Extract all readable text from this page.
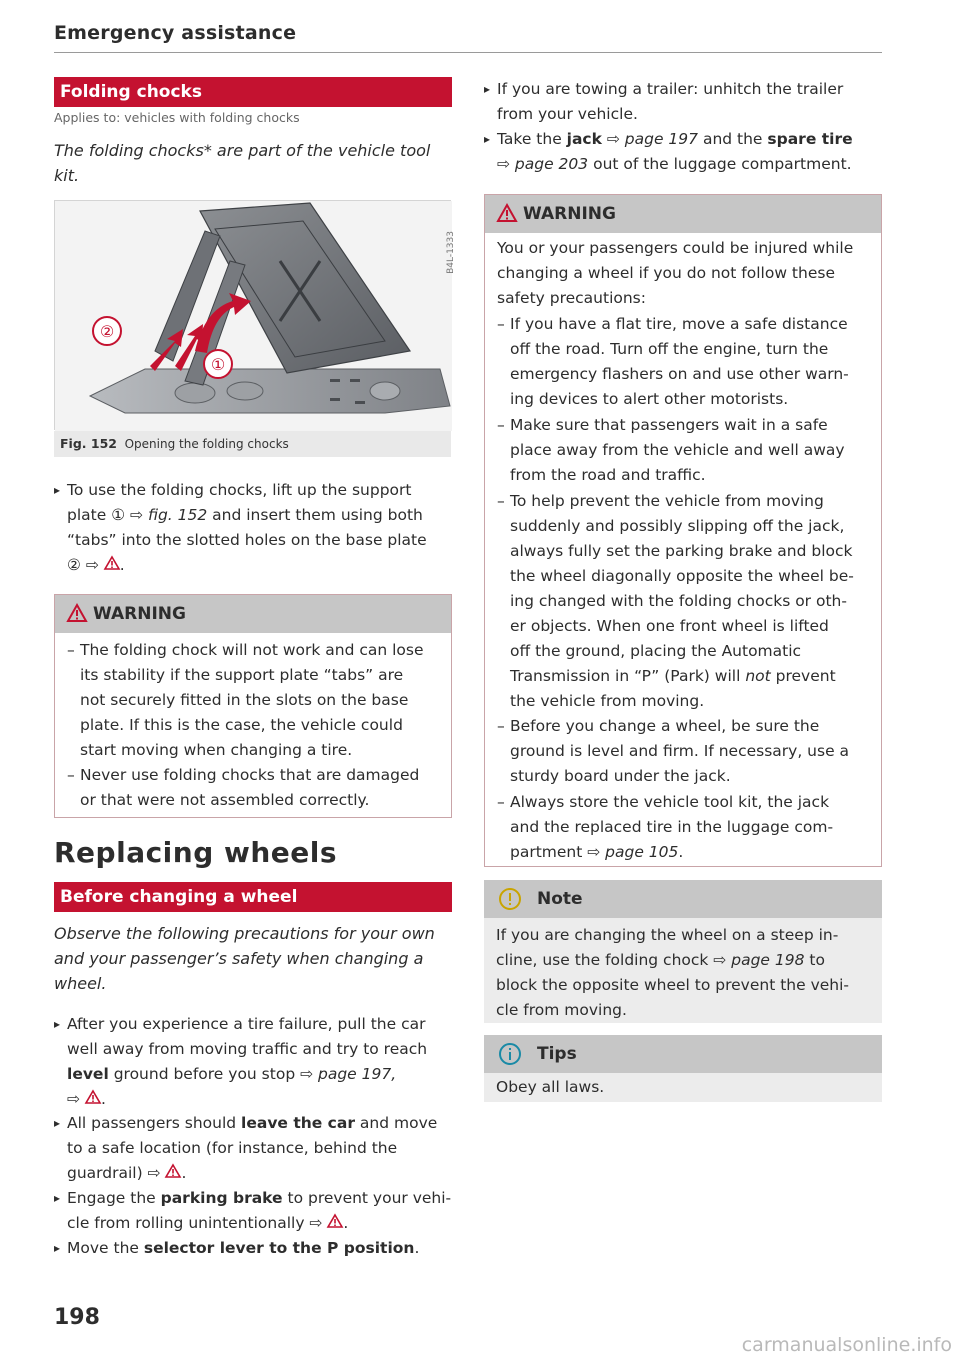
Emergency assistance
Folding chocks
Applies to: vehicles with folding chocks
The folding chocks* are part of the vehicle tool
kit.
②
①
B4L-1333
Fig. 152 Opening the folding chocks
▸ To use the folding chocks, lift up the support
plate ① ⇨ fig. 152 and insert them using both
“tabs” into the slotted holes on the base plate
② ⇨ .
WARNING
– The folding chock will not work and can lose
its stability if the support plate “tabs” are
not securely fitted in the slots on the base
plate. If this is the case, the vehicle could
start moving when changing a tire.
– Never use folding chocks that are damaged
or that were not assembled correctly.
Replacing wheels
Before changing a wheel
Observe the following precautions for your own
and your passenger’s safety when changing a
wheel.
▸ After you experience a tire failure, pull the car
well away from moving traffic and try to reach
level ground before you stop ⇨ page 197,
⇨ .
▸ All passengers should leave the car and move
to a safe location (for instance, behind the
guardrail) ⇨ .
▸ Engage the parking brake to prevent your vehi-
cle from rolling unintentionally ⇨ .
▸ Move the selector lever to the P position.
▸ If you are towing a trailer: unhitch the trailer
from your vehicle.
▸ Take the jack ⇨ page 197 and the spare tire
⇨ page 203 out of the luggage compartment.
WARNING
You or your passengers could be injured while
changing a wheel if you do not follow these
safety precautions:
– If you have a flat tire, move a safe distance
off the road. Turn off the engine, turn the
emergency flashers on and use other warn-
ing devices to alert other motorists.
– Make sure that passengers wait in a safe
place away from the vehicle and well away
from the road and traffic.
– To help prevent the vehicle from moving
suddenly and possibly slipping off the jack,
always fully set the parking brake and block
the wheel diagonally opposite the wheel be-
ing changed with the folding chocks or oth-
er objects. When one front wheel is lifted
off the ground, placing the Automatic
Transmission in “P” (Park) will not prevent
the vehicle from moving.
– Before you change a wheel, be sure the
ground is level and firm. If necessary, use a
sturdy board under the jack.
– Always store the vehicle tool kit, the jack
and the replaced tire in the luggage com-
partment ⇨ page 105.
Note
If you are changing the wheel on a steep in-
cline, use the folding chock ⇨ page 198 to
block the opposite wheel to prevent the vehi-
cle from moving.
Tips
Obey all laws.
198
carmanualsonline.info
